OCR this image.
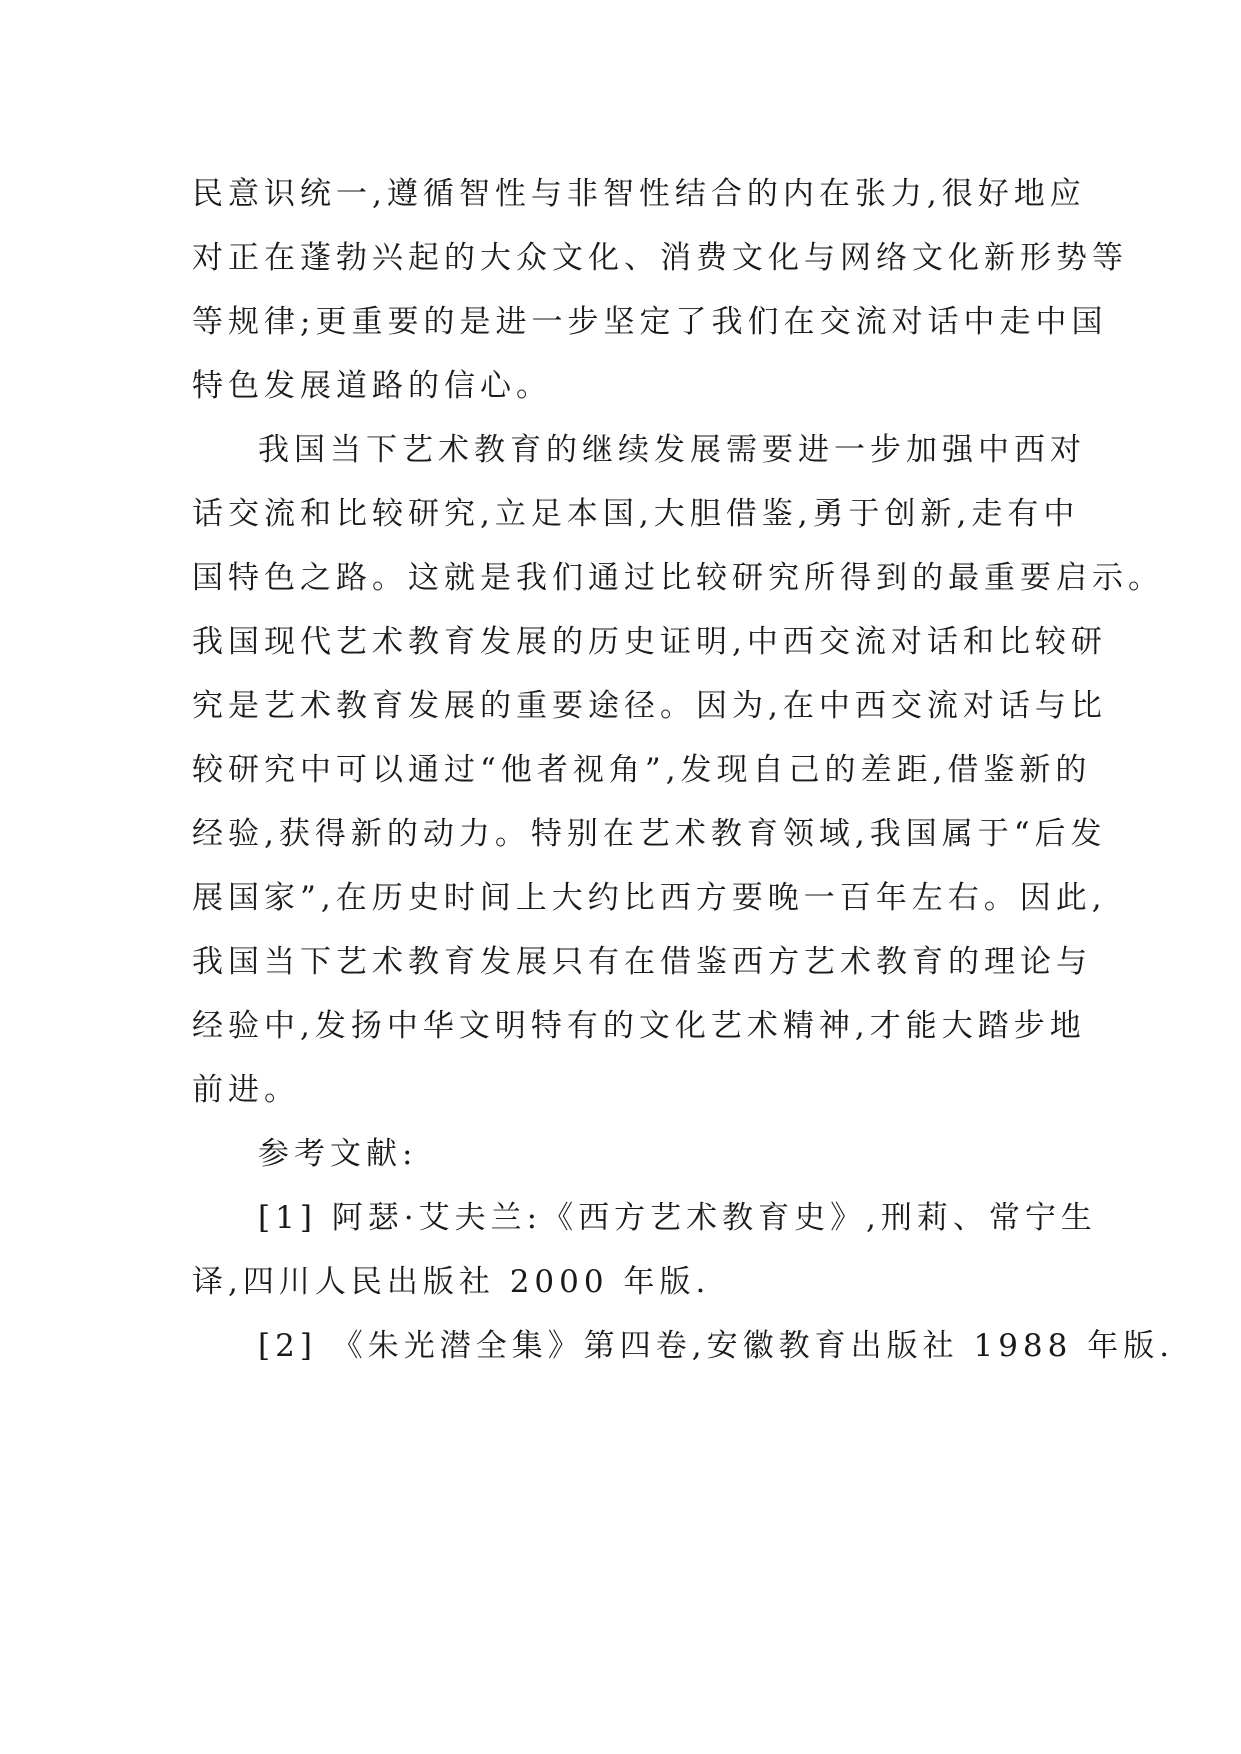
民意识统一,遵循智性与非智性结合的内在张力,很好地应
对正在蓬勃兴起的大众文化、消费文化与网络文化新形势等
等规律;更重要的是进一步坚定了我们在交流对话中走中国
特色发展道路的信心。
我国当下艺术教育的继续发展需要进一步加强中西对
话交流和比较研究,立足本国,大胆借鉴,勇于创新,走有中
国特色之路。这就是我们通过比较研究所得到的最重要启示。
我国现代艺术教育发展的历史证明,中西交流对话和比较研
究是艺术教育发展的重要途径。因为,在中西交流对话与比
较研究中可以通过“他者视角”,发现自己的差距,借鉴新的
经验,获得新的动力。特别在艺术教育领域,我国属于“后发
展国家”,在历史时间上大约比西方要晚一百年左右。因此,
我国当下艺术教育发展只有在借鉴西方艺术教育的理论与
经验中,发扬中华文明特有的文化艺术精神,才能大踏步地
前进。
参考文献:
[1] 阿瑟·艾夫兰:《西方艺术教育史》,刑莉、常宁生
译,四川人民出版社 2000 年版.
[2] 《朱光潜全集》第四卷,安徽教育出版社 1988 年版.
